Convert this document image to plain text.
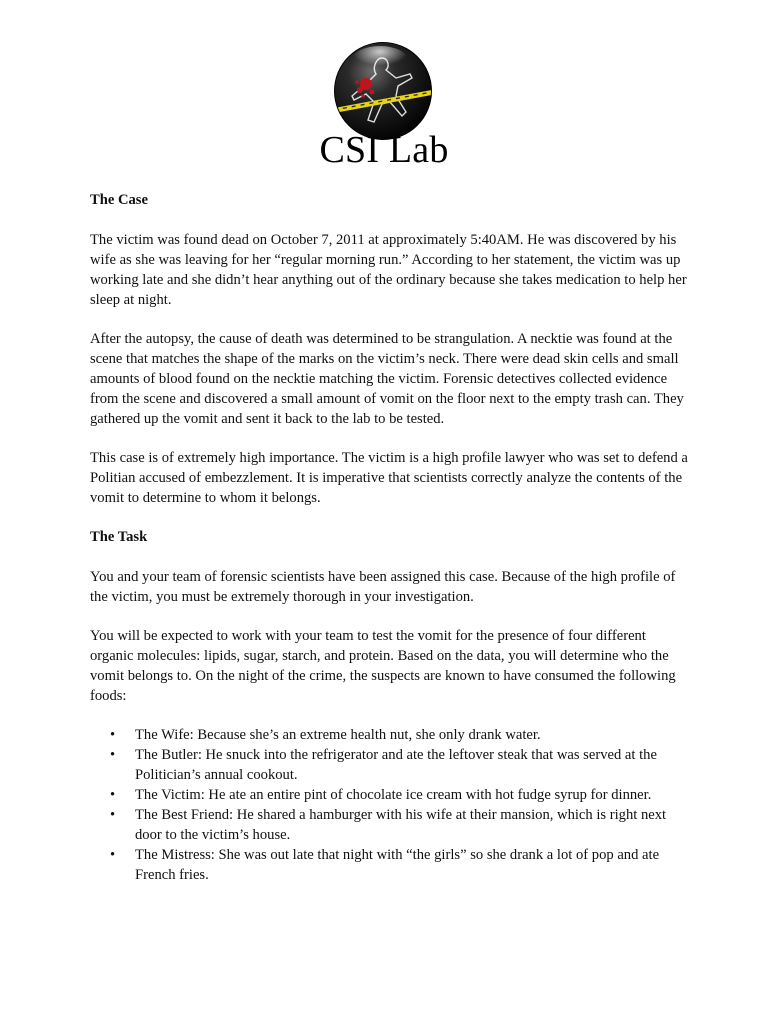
CSI Lab
The Case

The victim was found dead on October 7, 2011 at approximately 5:40AM. He was discovered by his wife as she was leaving for her “regular morning run.” According to her statement, the victim was up working late and she didn’t hear anything out of the ordinary because she takes medication to help her sleep at night.

After the autopsy, the cause of death was determined to be strangulation. A necktie was found at the scene that matches the shape of the marks on the victim’s neck. There were dead skin cells and small amounts of blood found on the necktie matching the victim. Forensic detectives collected evidence from the scene and discovered a small amount of vomit on the floor next to the empty trash can. They gathered up the vomit and sent it back to the lab to be tested.

This case is of extremely high importance. The victim is a high profile lawyer who was set to defend a Politian accused of embezzlement. It is imperative that scientists correctly analyze the contents of the vomit to determine to whom it belongs.

The Task

You and your team of forensic scientists have been assigned this case. Because of the high profile of the victim, you must be extremely thorough in your investigation.

You will be expected to work with your team to test the vomit for the presence of four different organic molecules: lipids, sugar, starch, and protein. Based on the data, you will determine who the vomit belongs to. On the night of the crime, the suspects are known to have consumed the following foods:

• The Wife: Because she’s an extreme health nut, she only drank water.
• The Butler: He snuck into the refrigerator and ate the leftover steak that was served at the Politician’s annual cookout.
• The Victim: He ate an entire pint of chocolate ice cream with hot fudge syrup for dinner.
• The Best Friend: He shared a hamburger with his wife at their mansion, which is right next door to the victim’s house.
• The Mistress: She was out late that night with “the girls” so she drank a lot of pop and ate French fries.
